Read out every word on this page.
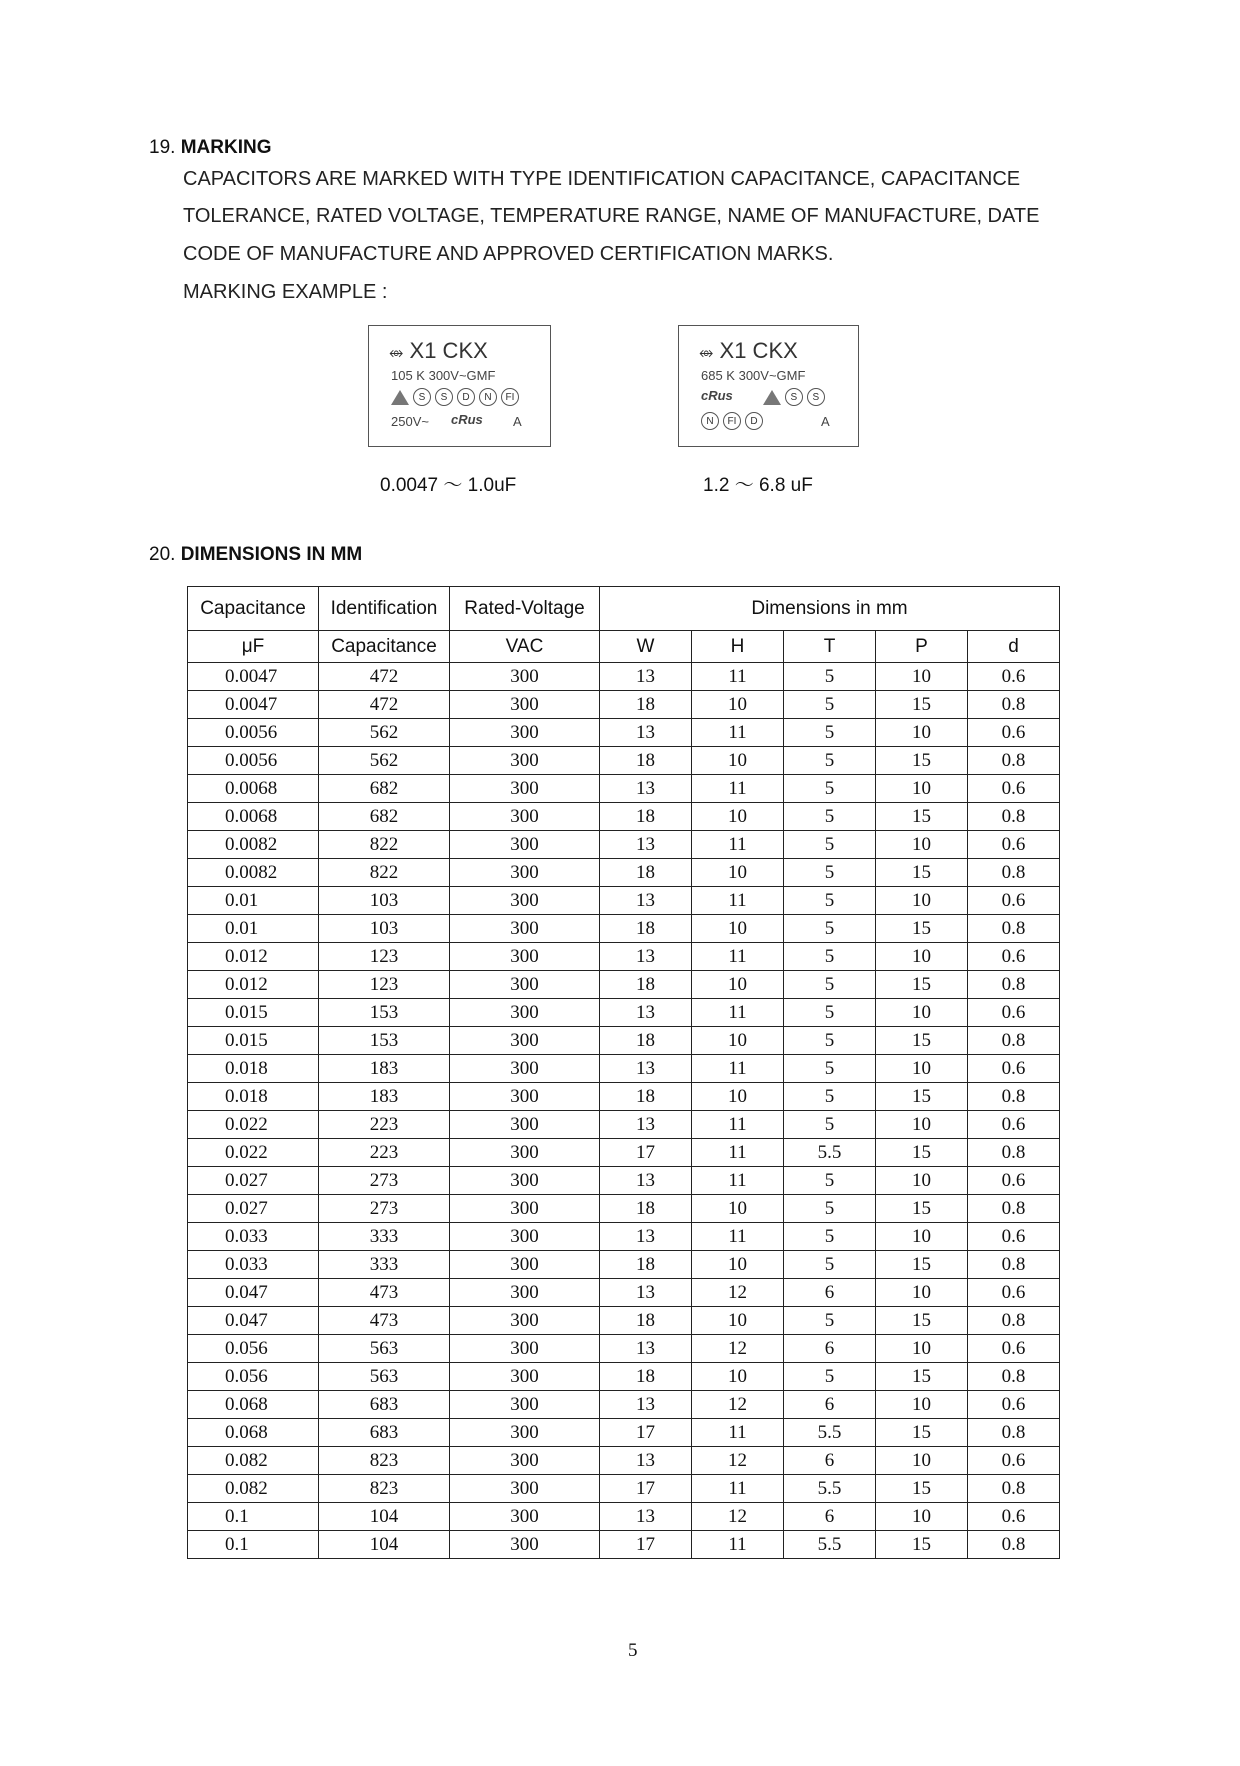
19. MARKING
CAPACITORS ARE MARKED WITH TYPE IDENTIFICATION CAPACITANCE, CAPACITANCE
TOLERANCE, RATED VOLTAGE, TEMPERATURE RANGE, NAME OF MANUFACTURE, DATE
CODE OF MANUFACTURE AND APPROVED CERTIFICATION MARKS.
MARKING EXAMPLE :
⥈ X1 CKX
105 K 300V~GMF
S S D N FI
250V~ cRus A
0.0047 ～ 1.0uF
⥈ X1 CKX
685 K 300V~GMF
cRus	S S
N FI D	A
1.2 ～ 6.8 uF
20. DIMENSIONS IN MM
Capacitance	Identification	Rated-Voltage	Dimensions in mm				
μF	Capacitance	VAC	W	H	T	P	d
0.0047	472	300	13	11	5	10	0.6
0.0047	472	300	18	10	5	15	0.8
0.0056	562	300	13	11	5	10	0.6
0.0056	562	300	18	10	5	15	0.8
0.0068	682	300	13	11	5	10	0.6
0.0068	682	300	18	10	5	15	0.8
0.0082	822	300	13	11	5	10	0.6
0.0082	822	300	18	10	5	15	0.8
0.01	103	300	13	11	5	10	0.6
0.01	103	300	18	10	5	15	0.8
0.012	123	300	13	11	5	10	0.6
0.012	123	300	18	10	5	15	0.8
0.015	153	300	13	11	5	10	0.6
0.015	153	300	18	10	5	15	0.8
0.018	183	300	13	11	5	10	0.6
0.018	183	300	18	10	5	15	0.8
0.022	223	300	13	11	5	10	0.6
0.022	223	300	17	11	5.5	15	0.8
0.027	273	300	13	11	5	10	0.6
0.027	273	300	18	10	5	15	0.8
0.033	333	300	13	11	5	10	0.6
0.033	333	300	18	10	5	15	0.8
0.047	473	300	13	12	6	10	0.6
0.047	473	300	18	10	5	15	0.8
0.056	563	300	13	12	6	10	0.6
0.056	563	300	18	10	5	15	0.8
0.068	683	300	13	12	6	10	0.6
0.068	683	300	17	11	5.5	15	0.8
0.082	823	300	13	12	6	10	0.6
0.082	823	300	17	11	5.5	15	0.8
0.1	104	300	13	12	6	10	0.6
0.1	104	300	17	11	5.5	15	0.8
5
